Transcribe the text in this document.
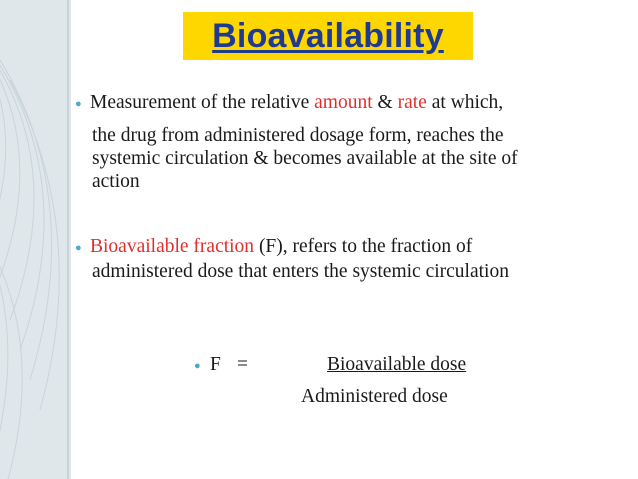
Bioavailability
● Measurement of the relative amount & rate at which,
the drug from administered dosage form, reaches the
systemic circulation & becomes available at the site of
action
● Bioavailable fraction (F), refers to the fraction of
administered dose that enters the systemic circulation
● F =	Bioavailable dose
Administered dose
